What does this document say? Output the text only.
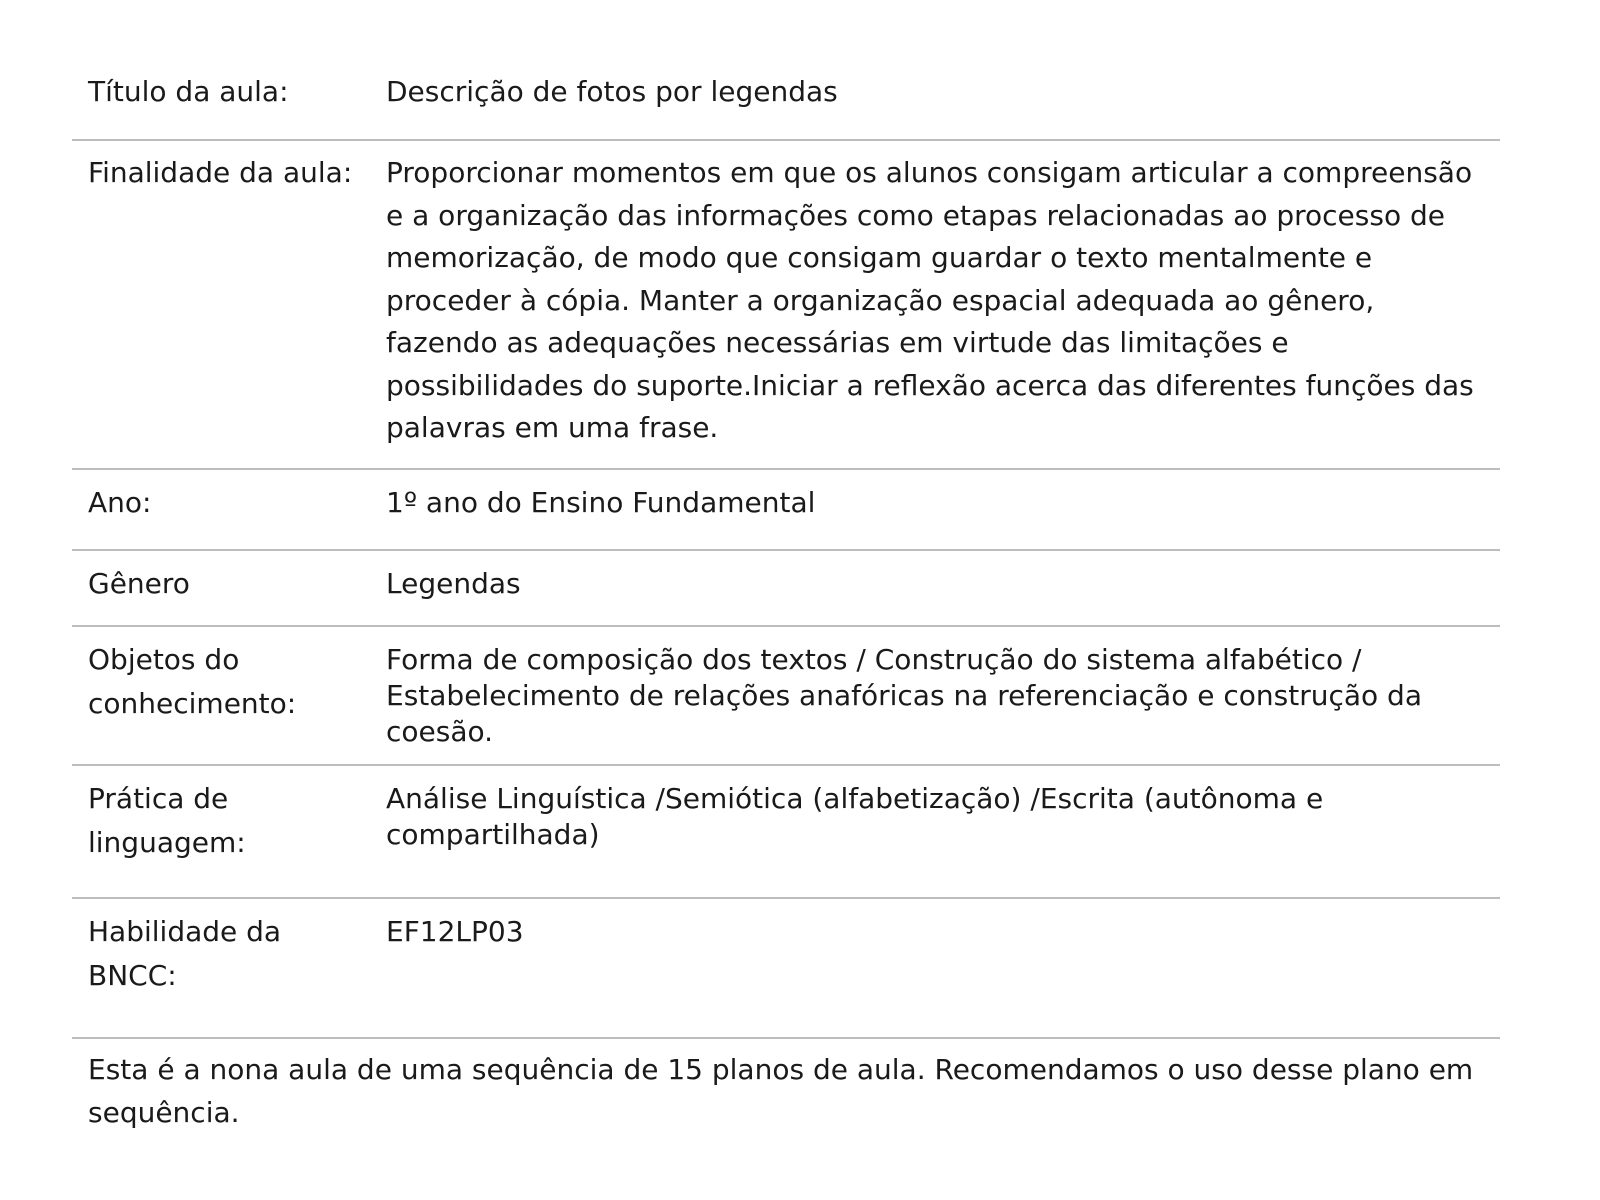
Título da aula:	Descrição de fotos por legendas
Finalidade da aula:	Proporcionar momentos em que os alunos consigam articular a compreensão e a organização das informações como etapas relacionadas ao processo de memorização, de modo que consigam guardar o texto mentalmente e proceder à cópia. Manter a organização espacial adequada ao gênero, fazendo as adequações necessárias em virtude das limitações e possibilidades do suporte.Iniciar a reflexão acerca das diferentes funções das palavras em uma frase.
Ano:	1º ano do Ensino Fundamental
Gênero	Legendas
Objetos do conhecimento:
Forma de composição dos textos / Construção do sistema alfabético / Estabelecimento de relações anafóricas na referenciação e construção da coesão.
Prática de linguagem:
Análise Linguística /Semiótica (alfabetização) /Escrita (autônoma e compartilhada)
Habilidade da BNCC:
EF12LP03
Esta é a nona aula de uma sequência de 15 planos de aula. Recomendamos o uso desse plano em sequência.
